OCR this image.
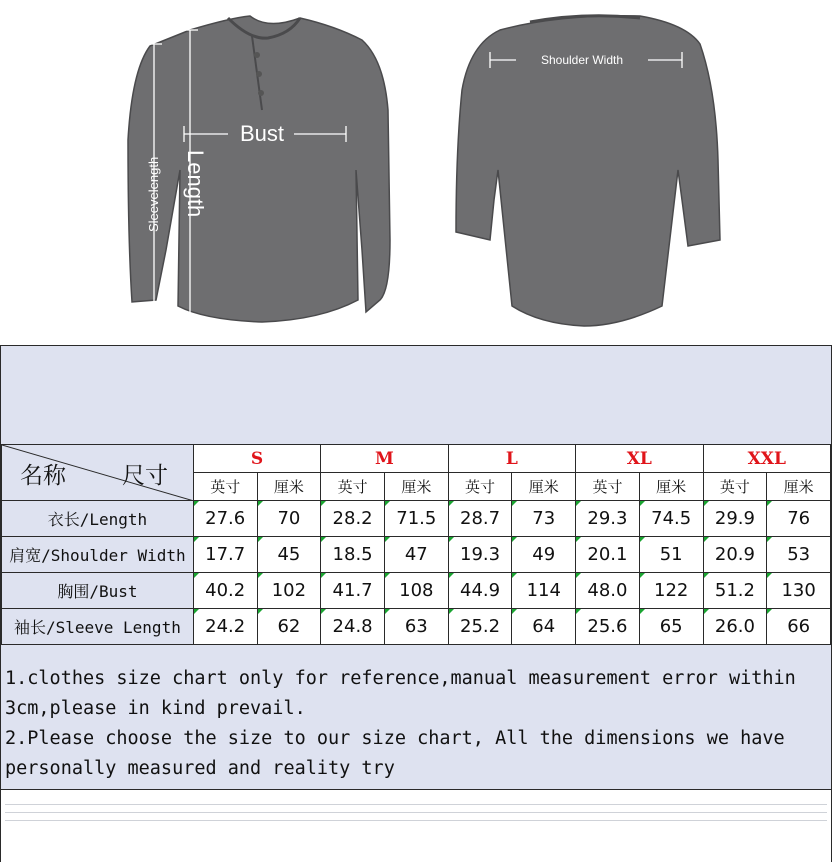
Bust
Length
Sleevelength
Shoulder Width
名称 尺寸	S		M		L		XL		XXL	
	英寸	厘米	英寸	厘米	英寸	厘米	英寸	厘米	英寸	厘米
衣长/Length	27.6	70	28.2	71.5	28.7	73	29.3	74.5	29.9	76
肩宽/Shoulder Width	17.7	45	18.5	47	19.3	49	20.1	51	20.9	53
胸围/Bust	40.2	102	41.7	108	44.9	114	48.0	122	51.2	130
袖长/Sleeve Length	24.2	62	24.8	63	25.2	64	25.6	65	26.0	66

1.clothes size chart only for reference,manual measurement error within 3cm,please in kind prevail.

2.Please choose the size to our size chart, All the dimensions we have personally measured and reality try
